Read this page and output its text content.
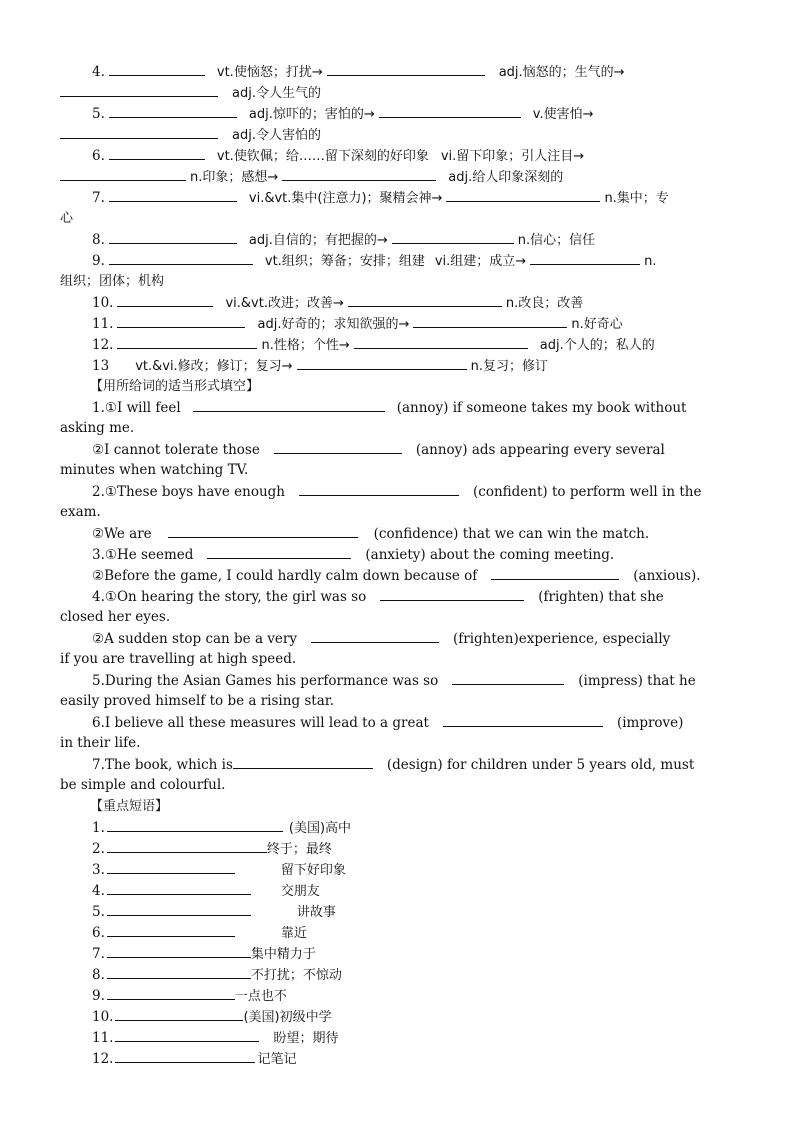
4.	vt.使恼怒；打扰→	adj.恼怒的；生气的→
adj.令人生气的
5.	adj.惊吓的；害怕的→	v.使害怕→
adj.令人害怕的
6.	vt.使钦佩；给……留下深刻的好印象 vi.留下印象；引人注目→
n.印象；感想→	adj.给人印象深刻的
7.	vi.&vt.集中(注意力)；聚精会神→	n.集中；专
心
8.	adj.自信的；有把握的→	n.信心；信任
9.	vt.组织；筹备；安排；组建 vi.组建；成立→	n.
组织；团体；机构
10.	vi.&vt.改进；改善→	n.改良；改善
11.	adj.好奇的；求知欲强的→	n.好奇心
12.	n.性格；个性→	adj.个人的；私人的
13 vt.&vi.修改；修订；复习→	n.复习；修订
【用所给词的适当形式填空】
1.①I will feel	(annoy) if someone takes my book without
asking me.
②I cannot tolerate those	(annoy) ads appearing every several
minutes when watching TV.
2.①These boys have enough	(confident) to perform well in the
exam.
②We are	(confidence) that we can win the match.
3.①He seemed	(anxiety) about the coming meeting.
②Before the game, I could hardly calm down because of	(anxious).
4.①On hearing the story, the girl was so	(frighten) that she
closed her eyes.
②A sudden stop can be a very	(frighten)experience, especially
if you are travelling at high speed.
5.During the Asian Games his performance was so	(impress) that he
easily proved himself to be a rising star.
6.I believe all these measures will lead to a great	(improve)
in their life.
7.The book, which is	(design) for children under 5 years old, must
be simple and colourful.
【重点短语】
1.	(美国)高中
2.	终于；最终
3.	留下好印象
4.	交朋友
5.	讲故事
6.	靠近
7.	集中精力于
8.	不打扰；不惊动
9.	一点也不
10.	(美国)初级中学
11.	盼望；期待
12.	记笔记
